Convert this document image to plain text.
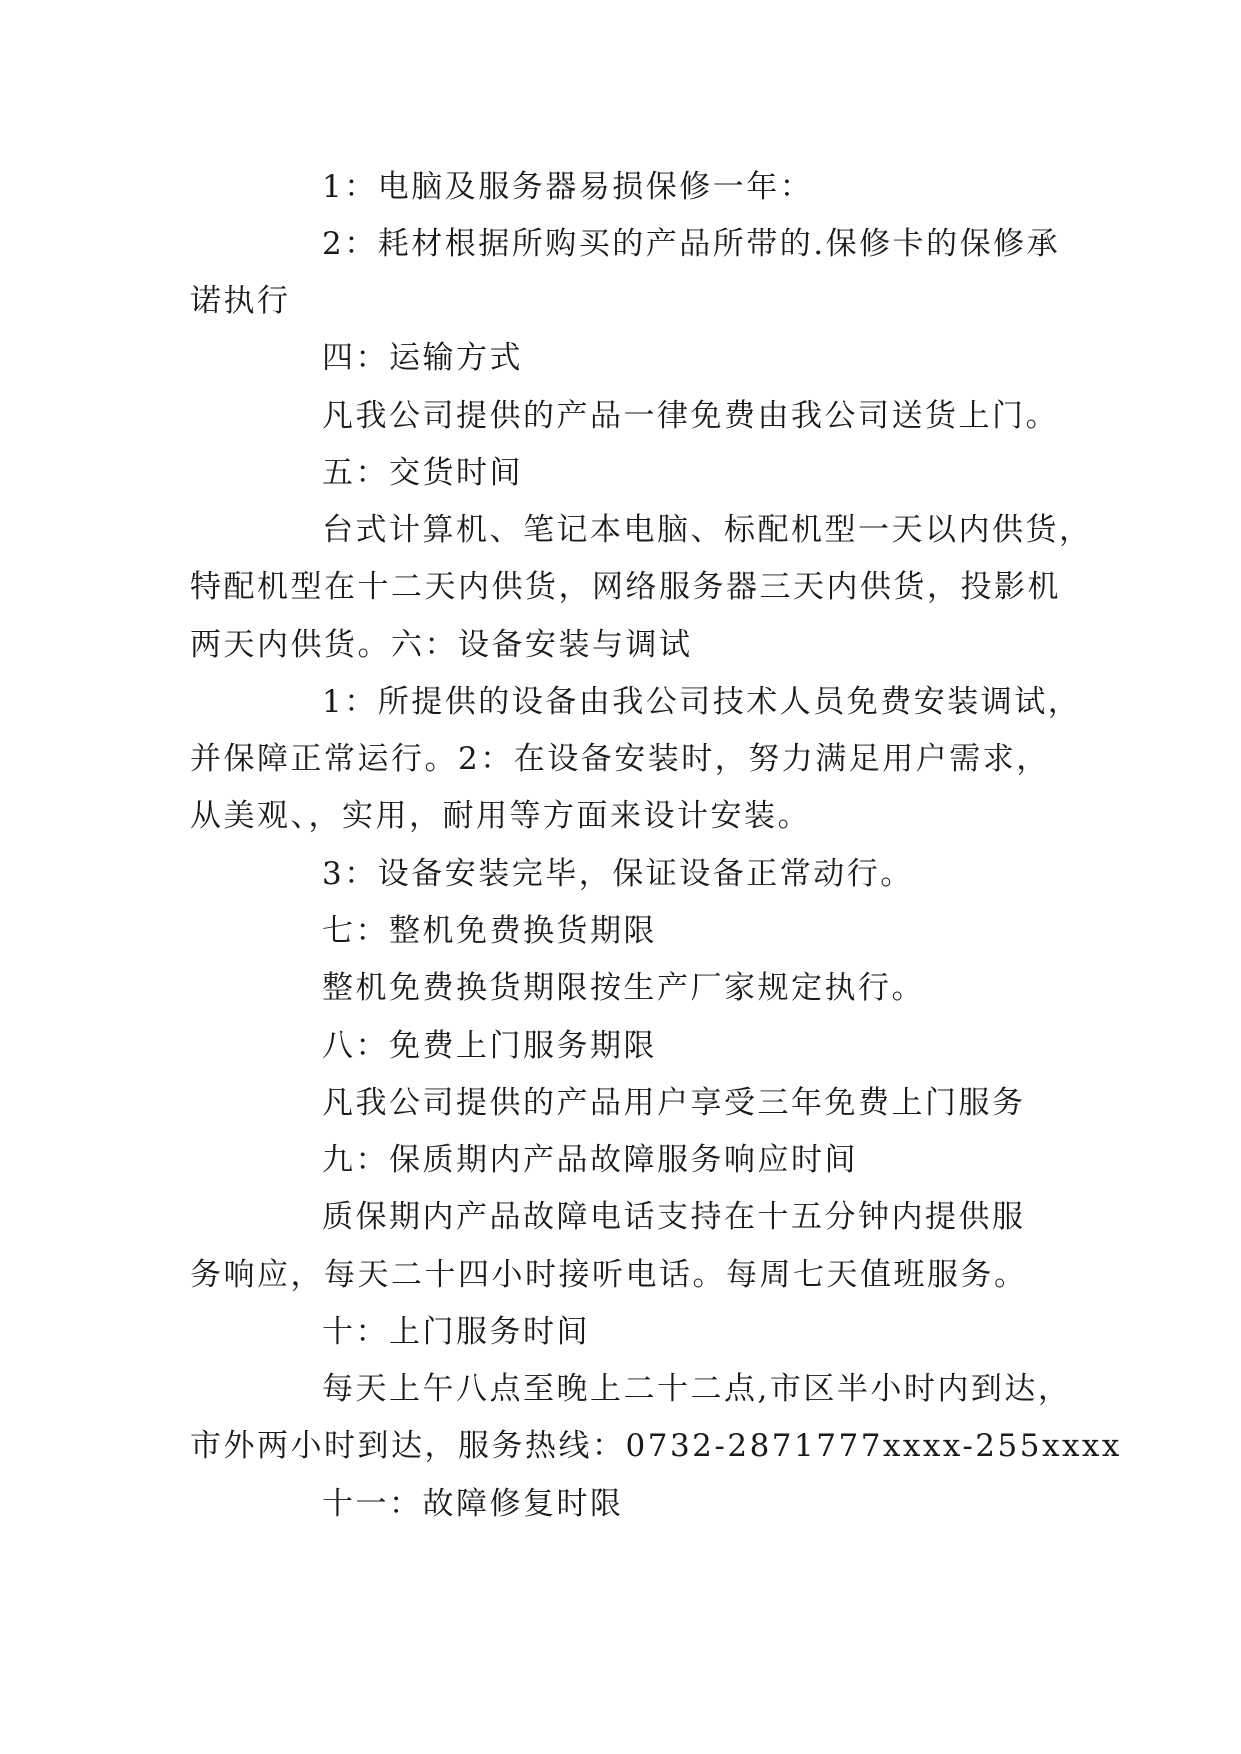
1：电脑及服务器易损保修一年：
2：耗材根据所购买的产品所带的.保修卡的保修承
诺执行
四：运输方式
凡我公司提供的产品一律免费由我公司送货上门。
五：交货时间
台式计算机、笔记本电脑、标配机型一天以内供货，
特配机型在十二天内供货，网络服务器三天内供货，投影机
两天内供货。六：设备安装与调试
1：所提供的设备由我公司技术人员免费安装调试，
并保障正常运行。2：在设备安装时，努力满足用户需求，
从美观、，实用，耐用等方面来设计安装。
3：设备安装完毕，保证设备正常动行。
七：整机免费换货期限
整机免费换货期限按生产厂家规定执行。
八：免费上门服务期限
凡我公司提供的产品用户享受三年免费上门服务
九：保质期内产品故障服务响应时间
质保期内产品故障电话支持在十五分钟内提供服
务响应，每天二十四小时接听电话。每周七天值班服务。
十：上门服务时间
每天上午八点至晚上二十二点,市区半小时内到达，
市外两小时到达，服务热线：0732-2871777xxxx-255xxxx
十一：故障修复时限
